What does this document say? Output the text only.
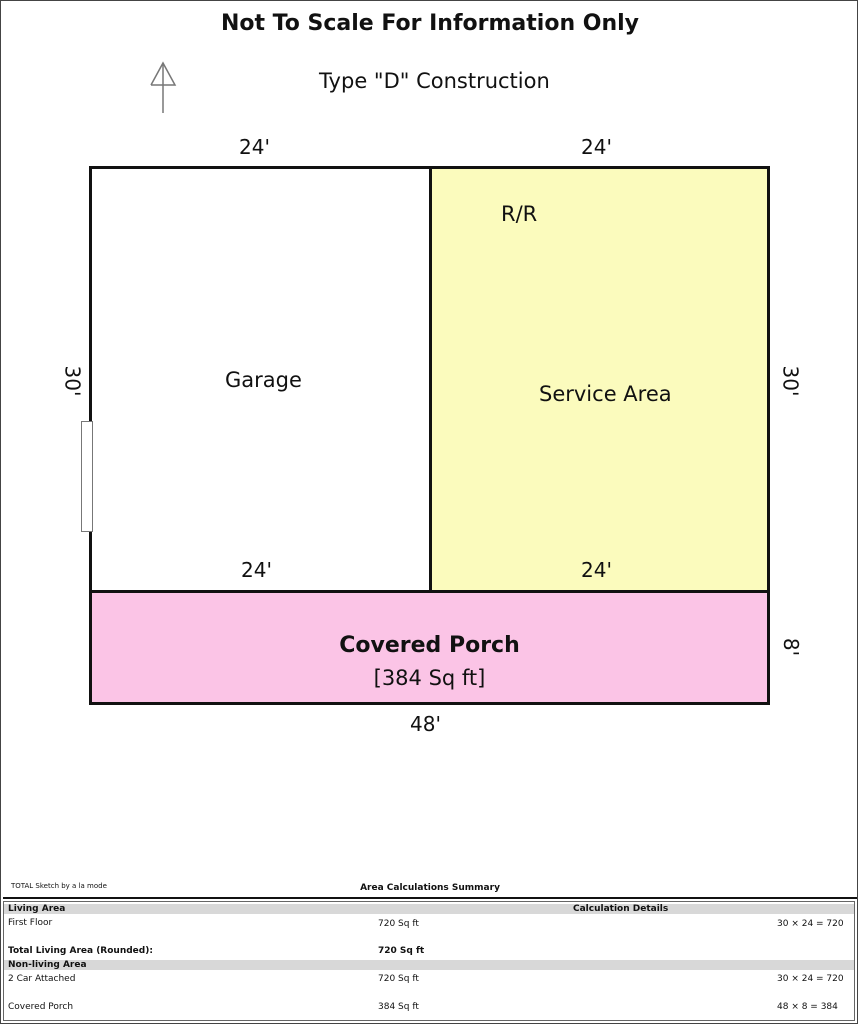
Not To Scale For Information Only
Type "D" Construction
24'	24'
30'	30'
Garage
R/R
Service Area
24'	24'
Covered Porch
[384 Sq ft]
8'
48'
TOTAL Sketch by a la mode	Area Calculations Summary
Living Area	Calculation Details
First Floor	720 Sq ft	30 × 24 = 720
Total Living Area (Rounded):	720 Sq ft
Non-living Area
2 Car Attached	720 Sq ft	30 × 24 = 720
Covered Porch	384 Sq ft	48 × 8 = 384
